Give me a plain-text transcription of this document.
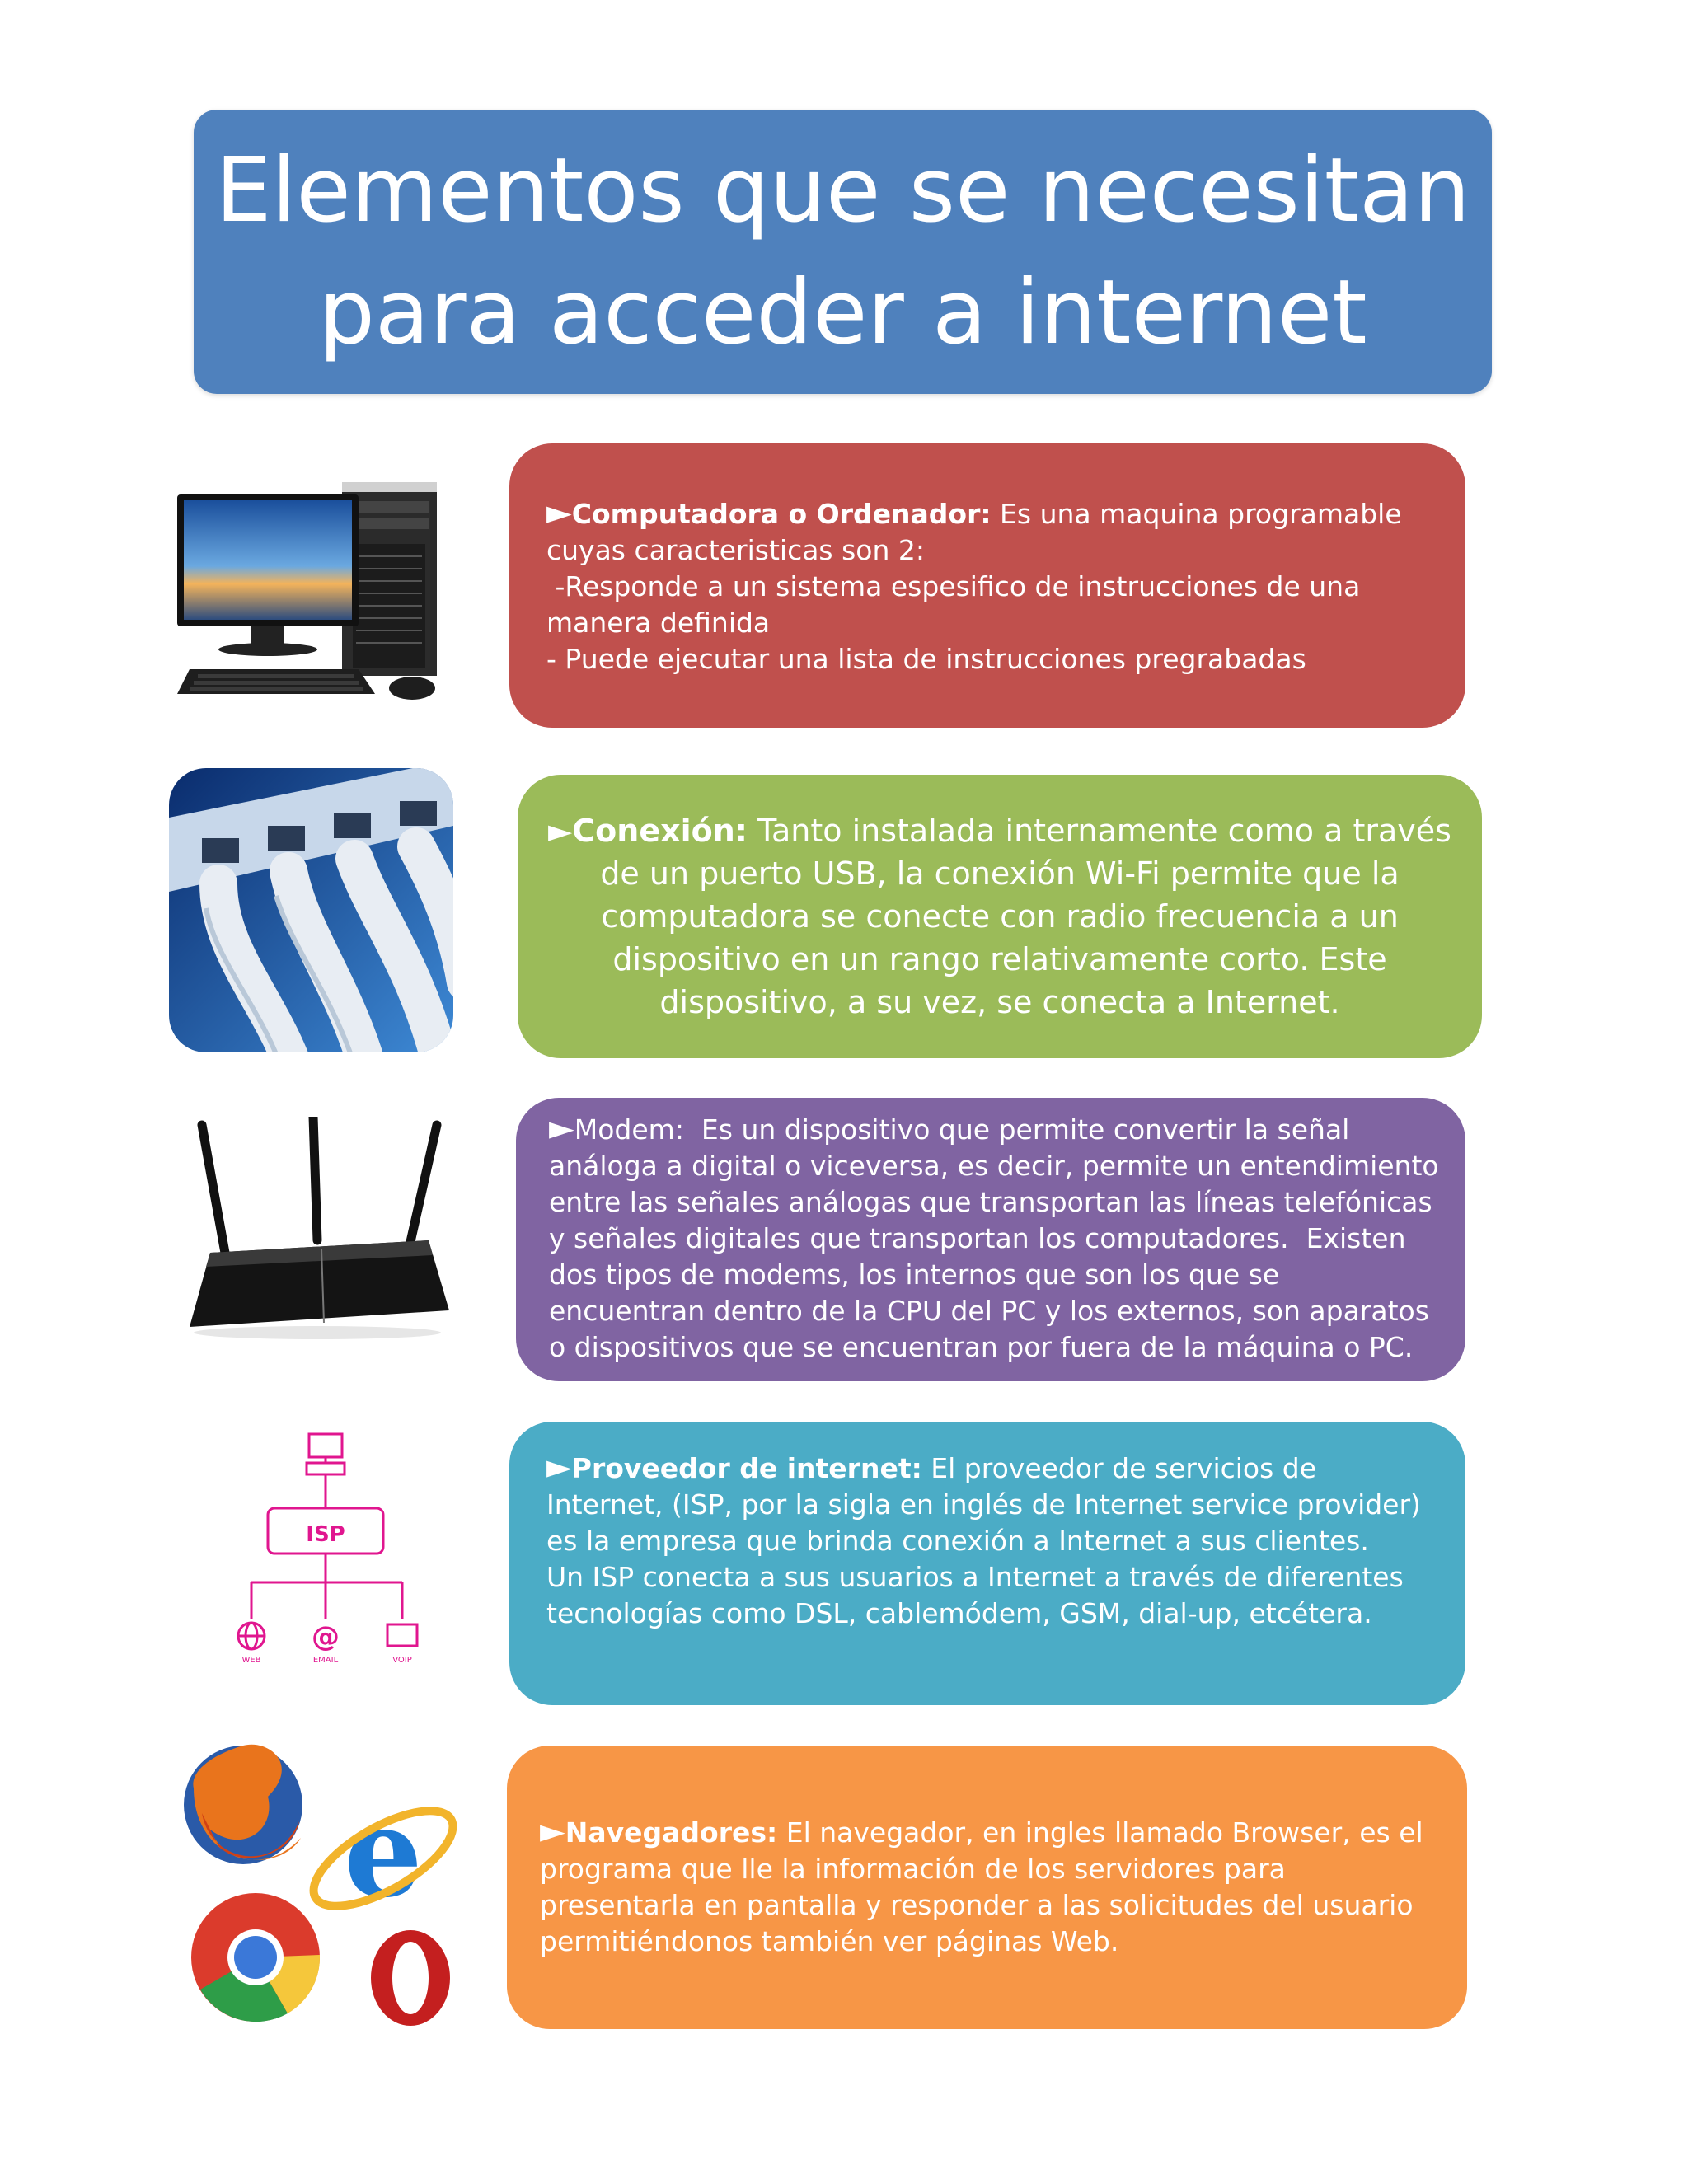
Elementos que se necesitan
para acceder a internet
ISP
@
WEB	EMAIL	VOIP
e

►Computadora o Ordenador: Es una maquina programable cuyas caracteristicas son 2:
-Responde a un sistema espesifico de instrucciones de una manera definida
- Puede ejecutar una lista de instrucciones pregrabadas

►Conexión: Tanto instalada internamente como a través de un puerto USB, la conexión Wi-Fi permite que la computadora se conecte con radio frecuencia a un dispositivo en un rango relativamente corto. Este dispositivo, a su vez, se conecta a Internet.

►Modem:  Es un dispositivo que permite convertir la señal análoga a digital o viceversa, es decir, permite un entendimiento entre las señales análogas que transportan las líneas telefónicas y señales digitales que transportan los computadores.  Existen dos tipos de modems, los internos que son los que se encuentran dentro de la CPU del PC y los externos, son aparatos o dispositivos que se encuentran por fuera de la máquina o PC.

►Proveedor de internet: El proveedor de servicios de Internet, (ISP, por la sigla en inglés de Internet service provider) es la empresa que brinda conexión a Internet a sus clientes.
Un ISP conecta a sus usuarios a Internet a través de diferentes tecnologías como DSL, cablemódem, GSM, dial-up, etcétera.

►Navegadores: El navegador, en ingles llamado Browser, es el programa que lle la información de los servidores para presentarla en pantalla y responder a las solicitudes del usuario permitiéndonos también ver páginas Web.
